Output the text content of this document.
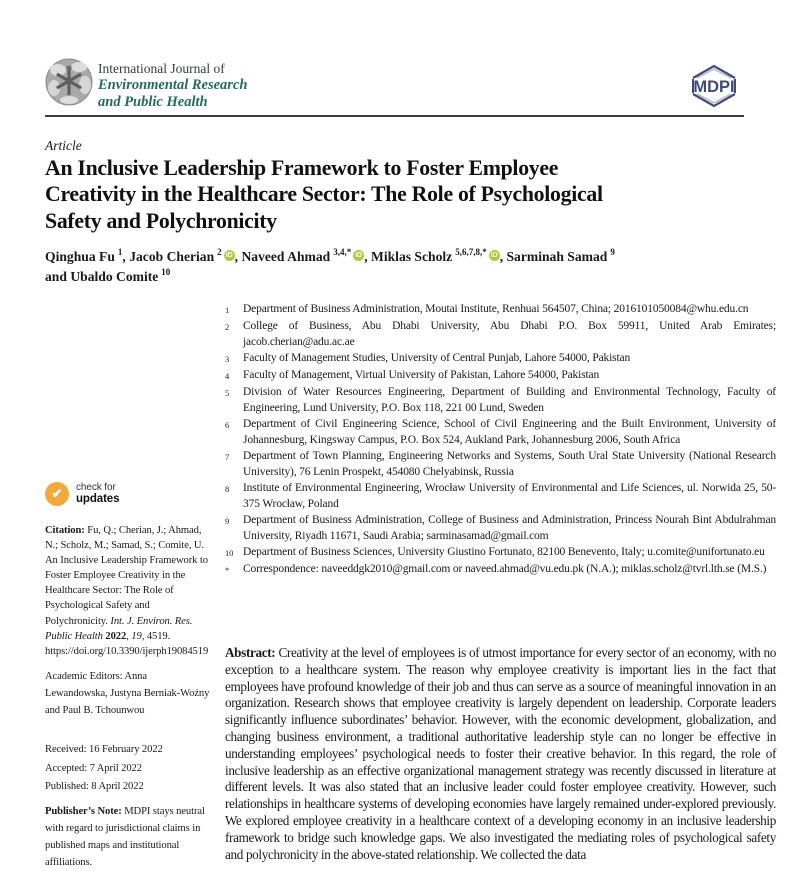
International Journal of
Environmental Research
and Public Health
MDPI
Article
An Inclusive Leadership Framework to Foster Employee
Creativity in the Healthcare Sector: The Role of Psychological
Safety and Polychronicity
Qinghua Fu $^1$, Jacob Cherian $^2$ iD , Naveed Ahmad $^{3,4,*}$ iD , Miklas Scholz $^{5,6,7,8,*}$ iD , Sarminah Samad $^9$
and Ubaldo Comite $^{10}$
1	Department of Business Administration, Moutai Institute, Renhuai 564507, China; 2016101050084@whu.edu.cn
2	College of Business, Abu Dhabi University, Abu Dhabi P.O. Box 59911, United Arab Emirates; jacob.cherian@adu.ac.ae
3	Faculty of Management Studies, University of Central Punjab, Lahore 54000, Pakistan
4	Faculty of Management, Virtual University of Pakistan, Lahore 54000, Pakistan
5	Division of Water Resources Engineering, Department of Building and Environmental Technology, Faculty of Engineering, Lund University, P.O. Box 118, 221 00 Lund, Sweden
6	Department of Civil Engineering Science, School of Civil Engineering and the Built Environment, University of Johannesburg, Kingsway Campus, P.O. Box 524, Aukland Park, Johannesburg 2006, South Africa
7	Department of Town Planning, Engineering Networks and Systems, South Ural State University (National Research University), 76 Lenin Prospekt, 454080 Chelyabinsk, Russia
8	Institute of Environmental Engineering, Wrocław University of Environmental and Life Sciences, ul. Norwida 25, 50-375 Wrocław, Poland
9	Department of Business Administration, College of Business and Administration, Princess Nourah Bint Abdulrahman University, Riyadh 11671, Saudi Arabia; sarminasamad@gmail.com
10 Department of Business Sciences, University Giustino Fortunato, 82100 Benevento, Italy; u.comite@unifortunato.eu
*	Correspondence: naveeddgk2010@gmail.com or naveed.ahmad@vu.edu.pk (N.A.); miklas.scholz@tvrl.lth.se (M.S.)
Abstract: Creativity at the level of employees is of utmost importance for every sector of an economy, with no exception to a healthcare system. The reason why employee creativity is important lies in the fact that employees have profound knowledge of their job and thus can serve as a source of meaningful innovation in an organization. Research shows that employee creativity is largely dependent on leadership. Corporate leaders significantly influence subordinates’ behavior. However, with the economic development, globalization, and changing business environment, a traditional authoritative leadership style can no longer be effective in understanding employees’ psychological needs to foster their creative behavior. In this regard, the role of inclusive leadership as an effective organizational management strategy was recently discussed in literature at different levels. It was also stated that an inclusive leader could foster employee creativity. However, such relationships in healthcare systems of developing economies have largely remained under-explored previously. We explored employee creativity in a healthcare context of a developing economy in an inclusive leadership framework to bridge such knowledge gaps. We also investigated the mediating roles of psychological safety and polychronicity in the above-stated relationship. We collected the data
✔	check for
updates
Citation: Fu, Q.; Cherian, J.; Ahmad, N.; Scholz, M.; Samad, S.; Comite, U. An Inclusive Leadership Framework to Foster Employee Creativity in the Healthcare Sector: The Role of Psychological Safety and Polychronicity. Int. J. Environ. Res. Public Health 2022, 19, 4519. https://doi.org/10.3390/ijerph19084519
Academic Editors: Anna Lewandowska, Justyna Berniak-Woźny and Paul B. Tchounwou
Received: 16 February 2022
Accepted: 7 April 2022
Published: 8 April 2022
Publisher’s Note: MDPI stays neutral with regard to jurisdictional claims in published maps and institutional affiliations.
